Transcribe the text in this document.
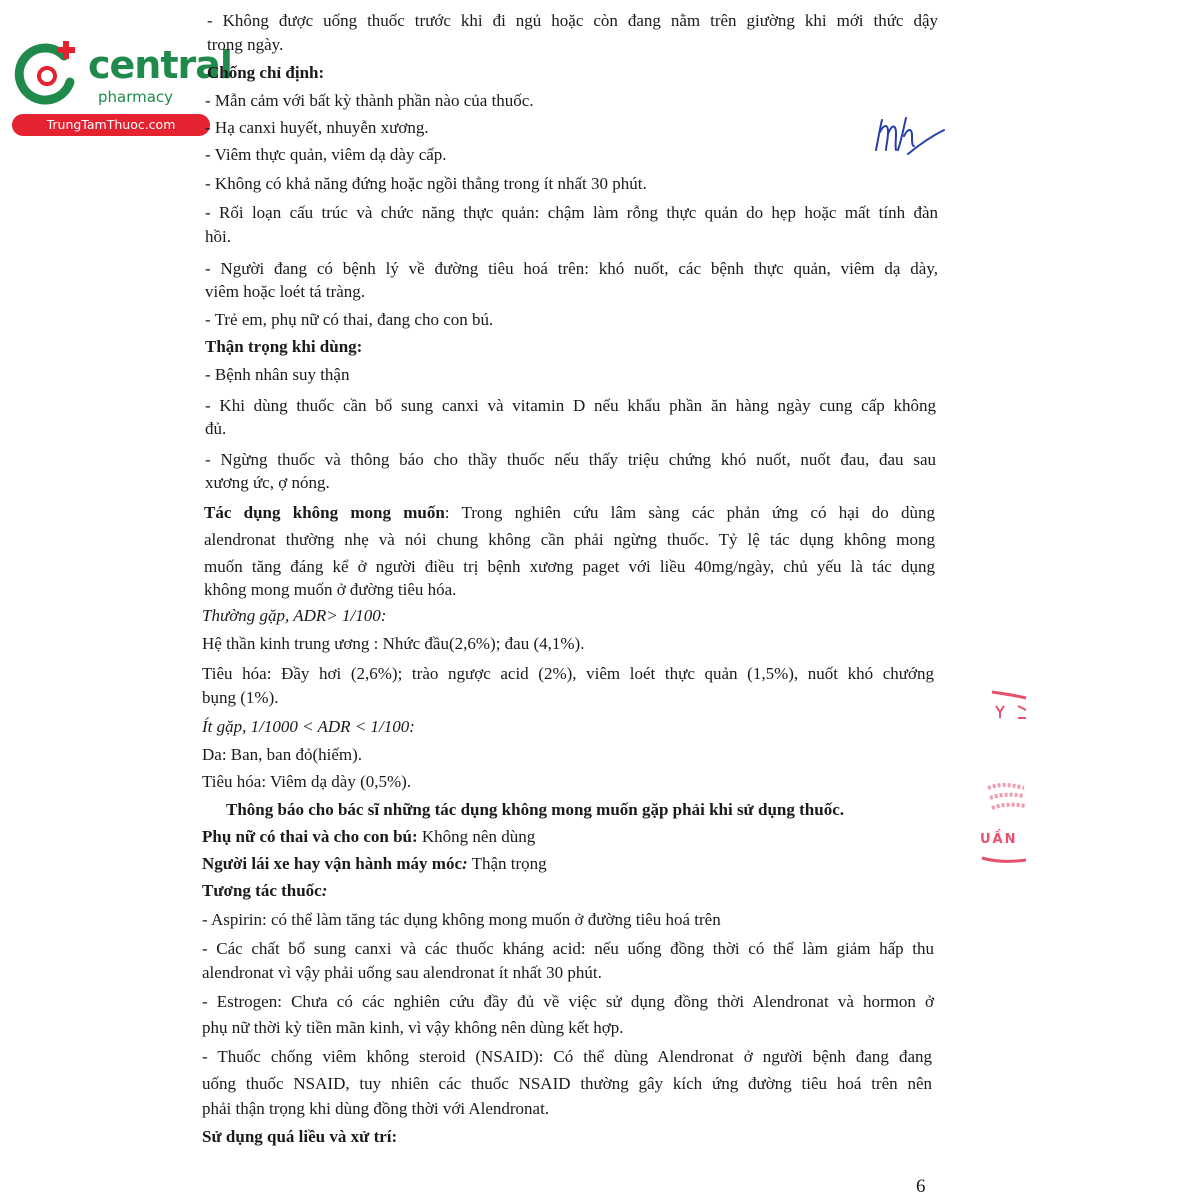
central
pharmacy
TrungTamThuoc.com
- Không được uống thuốc trước khi đi ngủ hoặc còn đang nằm trên giường khi mới thức dậy
trong ngày.
Chống chỉ định:
- Mẫn cảm với bất kỳ thành phần nào của thuốc.
- Hạ canxi huyết, nhuyễn xương.
- Viêm thực quản, viêm dạ dày cấp.
- Không có khả năng đứng hoặc ngồi thẳng trong ít nhất 30 phút.
- Rối loạn cấu trúc và chức năng thực quản: chậm làm rỗng thực quản do hẹp hoặc mất tính đàn
hồi.
- Người đang có bệnh lý về đường tiêu hoá trên: khó nuốt, các bệnh thực quản, viêm dạ dày,
viêm hoặc loét tá tràng.
- Trẻ em, phụ nữ có thai, đang cho con bú.
Thận trọng khi dùng:
- Bệnh nhân suy thận
- Khi dùng thuốc cần bổ sung canxi và vitamin D nếu khẩu phần ăn hàng ngày cung cấp không
đủ.
- Ngừng thuốc và thông báo cho thầy thuốc nếu thấy triệu chứng khó nuốt, nuốt đau, đau sau
xương ức, ợ nóng.
Tác dụng không mong muốn: Trong nghiên cứu lâm sàng các phản ứng có hại do dùng
alendronat thường nhẹ và nói chung không cần phải ngừng thuốc. Tỷ lệ tác dụng không mong
muốn tăng đáng kể ở người điều trị bệnh xương paget với liều 40mg/ngày, chủ yếu là tác dụng
không mong muốn ở đường tiêu hóa.
Thường gặp, ADR> 1/100:
Hệ thần kinh trung ương : Nhức đầu(2,6%); đau (4,1%).
Tiêu hóa: Đầy hơi (2,6%); trào ngược acid (2%), viêm loét thực quản (1,5%), nuốt khó chướng
bụng (1%).
Ít gặp, 1/1000 < ADR < 1/100:
Da: Ban, ban đỏ(hiếm).
Tiêu hóa: Viêm dạ dày (0,5%).
Thông báo cho bác sĩ những tác dụng không mong muốn gặp phải khi sử dụng thuốc.
Phụ nữ có thai và cho con bú: Không nên dùng
Người lái xe hay vận hành máy móc: Thận trọng
Tương tác thuốc:
- Aspirin: có thể làm tăng tác dụng không mong muốn ở đường tiêu hoá trên
- Các chất bổ sung canxi và các thuốc kháng acid: nếu uống đồng thời có thể làm giảm hấp thu
alendronat vì vậy phải uống sau alendronat ít nhất 30 phút.
- Estrogen: Chưa có các nghiên cứu đầy đủ về việc sử dụng đồng thời Alendronat và hormon ở
phụ nữ thời kỳ tiền mãn kinh, vì vậy không nên dùng kết hợp.
- Thuốc chống viêm không steroid (NSAID): Có thể dùng Alendronat ở người bệnh đang đang
uống thuốc NSAID, tuy nhiên các thuốc NSAID thường gây kích ứng đường tiêu hoá trên nên
phải thận trọng khi dùng đồng thời với Alendronat.
Sử dụng quá liều và xử trí:
UẦN
6
